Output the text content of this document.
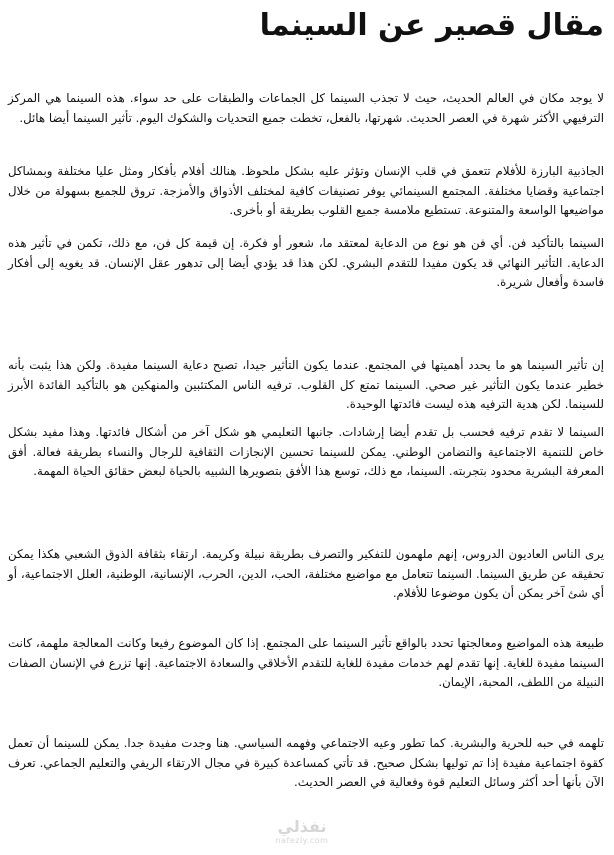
مقال قصير عن السينما

لا يوجد مكان في العالم الحديث، حيث لا تجذب السينما كل الجماعات والطبقات على حد سواء. هذه السينما هي المركز الترفيهي الأكثر شهرة في العصر الحديث. شهرتها، بالفعل، تخطت جميع التحديات والشكوك اليوم. تأثير السينما أيضا هائل.

الجاذبية البارزة للأفلام تتعمق في قلب الإنسان وتؤثر عليه بشكل ملحوظ. هنالك أفلام بأفكار ومثل عليا مختلفة وبمشاكل اجتماعية وقضايا مختلفة. المجتمع السينمائي يوفر تصنيفات كافية لمختلف الأذواق والأمزجة. تروق للجميع بسهولة من خلال مواضيعها الواسعة والمتنوعة. تستطيع ملامسة جميع القلوب بطريقة أو بأخرى.

السينما بالتأكيد فن. أي فن هو نوع من الدعاية لمعتقد ما، شعور أو فكرة. إن قيمة كل فن، مع ذلك، تكمن في تأثير هذه الدعاية. التأثير النهائي قد يكون مفيدا للتقدم البشري. لكن هذا قد يؤدي أيضا إلى تدهور عقل الإنسان. قد يغويه إلى أفكار فاسدة وأفعال شريرة.

إن تأثير السينما هو ما يحدد أهميتها في المجتمع. عندما يكون التأثير جيدا، تصبح دعاية السينما مفيدة. ولكن هذا يثبت بأنه خطير عندما يكون التأثير غير صحي. السينما تمتع كل القلوب. ترفيه الناس المكتئبين والمنهكين هو بالتأكيد الفائدة الأبرز للسينما. لكن هدية الترفيه هذه ليست فائدتها الوحيدة.

السينما لا تقدم ترفيه فحسب بل تقدم أيضا إرشادات. جانبها التعليمي هو شكل آخر من أشكال فائدتها. وهذا مفيد بشكل خاص للتنمية الاجتماعية والتضامن الوطني. يمكن للسينما تحسين الإنجازات الثقافية للرجال والنساء بطريقة فعالة. أفق المعرفة البشرية محدود بتجربته. السينما، مع ذلك، توسع هذا الأفق بتصويرها الشبيه بالحياة لبعض حقائق الحياة المهمة.

يرى الناس العاديون الدروس، إنهم ملهمون للتفكير والتصرف بطريقة نبيلة وكريمة. ارتقاء بثقافة الذوق الشعبي هكذا يمكن تحقيقه عن طريق السينما. السينما تتعامل مع مواضيع مختلفة، الحب، الدين، الحرب، الإنسانية، الوطنية، العلل الاجتماعية، أو أي شئ آخر يمكن أن يكون موضوعا للأفلام.

طبيعة هذه المواضيع ومعالجتها تحدد بالواقع تأثير السينما على المجتمع. إذا كان الموضوع رفيعا وكانت المعالجة ملهمة، كانت السينما مفيدة للغاية. إنها تقدم لهم خدمات مفيدة للغاية للتقدم الأخلاقي والسعادة الاجتماعية. إنها تزرع في الإنسان الصفات النبيلة من اللطف، المحبة، الإيمان.

تلهمه في حبه للحرية والبشرية. كما تطور وعيه الاجتماعي وفهمه السياسي. هنا وجدت مفيدة جدا. يمكن للسينما أن تعمل كقوة اجتماعية مفيدة إذا تم توليها بشكل صحيح. قد تأتي كمساعدة كبيرة في مجال الارتقاء الريفي والتعليم الجماعي. تعرف الآن بأنها أحد أكثر وسائل التعليم قوة وفعالية في العصر الحديث.

نفذلي
nafezly.com
